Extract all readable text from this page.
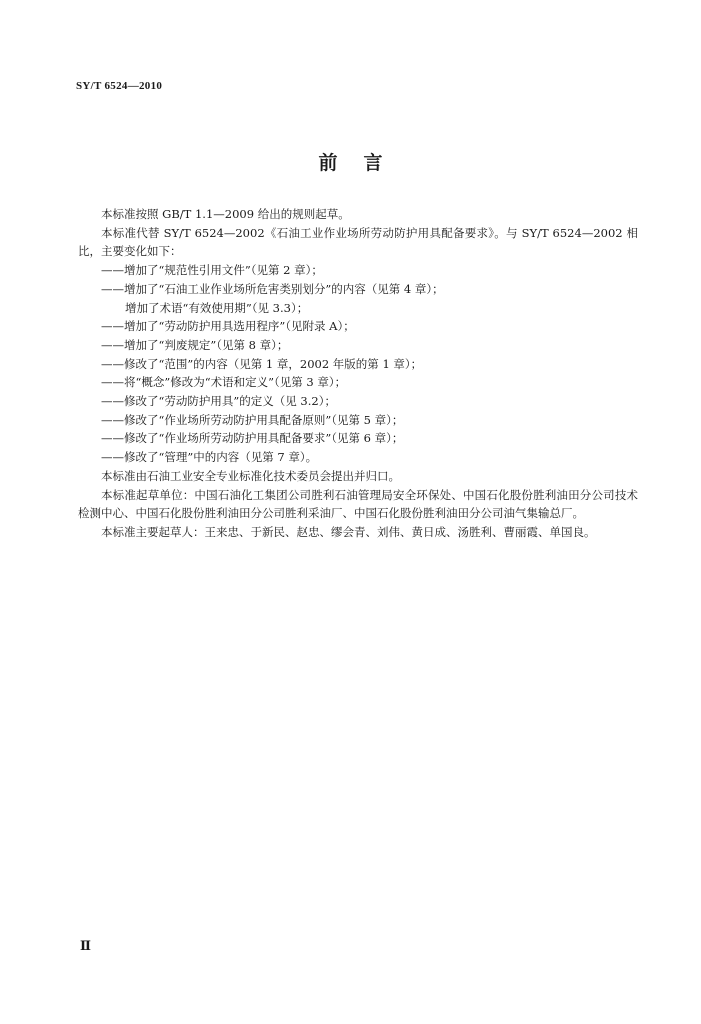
SY/T 6524—2010
前言

本标准按照 GB/T 1.1—2009 给出的规则起草。

本标准代替 SY/T 6524—2002《石油工业作业场所劳动防护用具配备要求》。与 SY/T 6524—2002 相比，主要变化如下：

——增加了“规范性引用文件”（见第 2 章）；

——增加了“石油工业作业场所危害类别划分”的内容（见第 4 章）；

增加了术语“有效使用期”（见 3.3）；

——增加了“劳动防护用具选用程序”（见附录 A）；

——增加了“判废规定”（见第 8 章）；

——修改了“范围”的内容（见第 1 章，2002 年版的第 1 章）；

——将“概念”修改为“术语和定义”（见第 3 章）；

——修改了“劳动防护用具”的定义（见 3.2）；

——修改了“作业场所劳动防护用具配备原则”（见第 5 章）；

——修改了“作业场所劳动防护用具配备要求”（见第 6 章）；

——修改了“管理”中的内容（见第 7 章）。

本标准由石油工业安全专业标准化技术委员会提出并归口。

本标准起草单位：中国石油化工集团公司胜利石油管理局安全环保处、中国石化股份胜利油田分公司技术检测中心、中国石化股份胜利油田分公司胜利采油厂、中国石化股份胜利油田分公司油气集输总厂。

本标准主要起草人：王来忠、于新民、赵忠、缪会青、刘伟、黄日成、汤胜利、曹丽霞、单国良。

Ⅱ
